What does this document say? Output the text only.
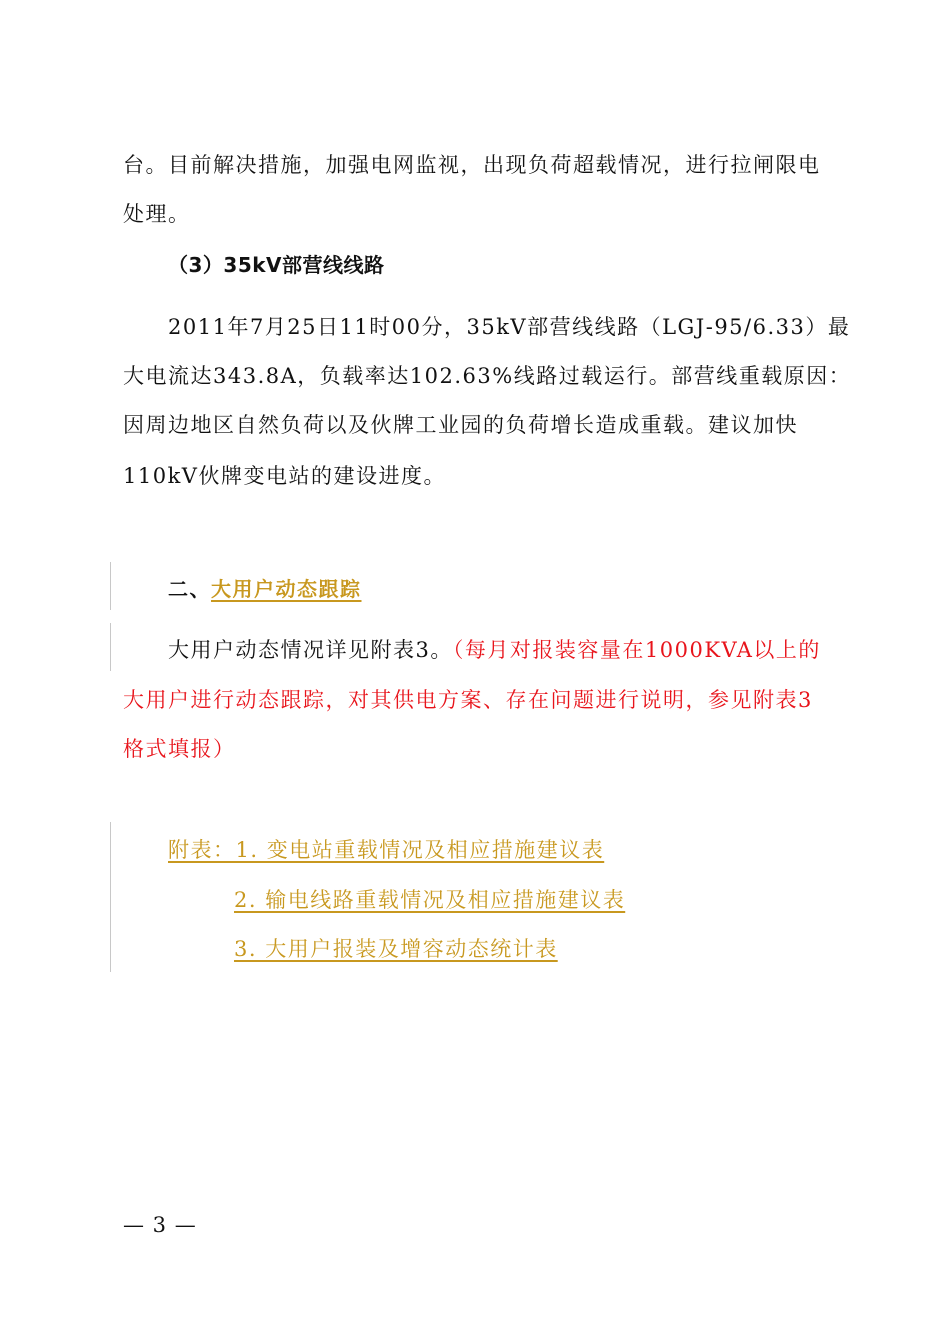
台。目前解决措施，加强电网监视，出现负荷超载情况，进行拉闸限电
处理。
（3）35kV部营线线路
2011年7月25日11时00分，35kV部营线线路（LGJ-95/6.33）最
大电流达343.8A，负载率达102.63%线路过载运行。部营线重载原因：
因周边地区自然负荷以及伙牌工业园的负荷增长造成重载。建议加快
110kV伙牌变电站的建设进度。
二、大用户动态跟踪
大用户动态情况详见附表3。（每月对报装容量在1000KVA以上的
大用户进行动态跟踪，对其供电方案、存在问题进行说明，参见附表3
格式填报）
附表：1. 变电站重载情况及相应措施建议表
2. 输电线路重载情况及相应措施建议表
3. 大用户报装及增容动态统计表
— 3 —
